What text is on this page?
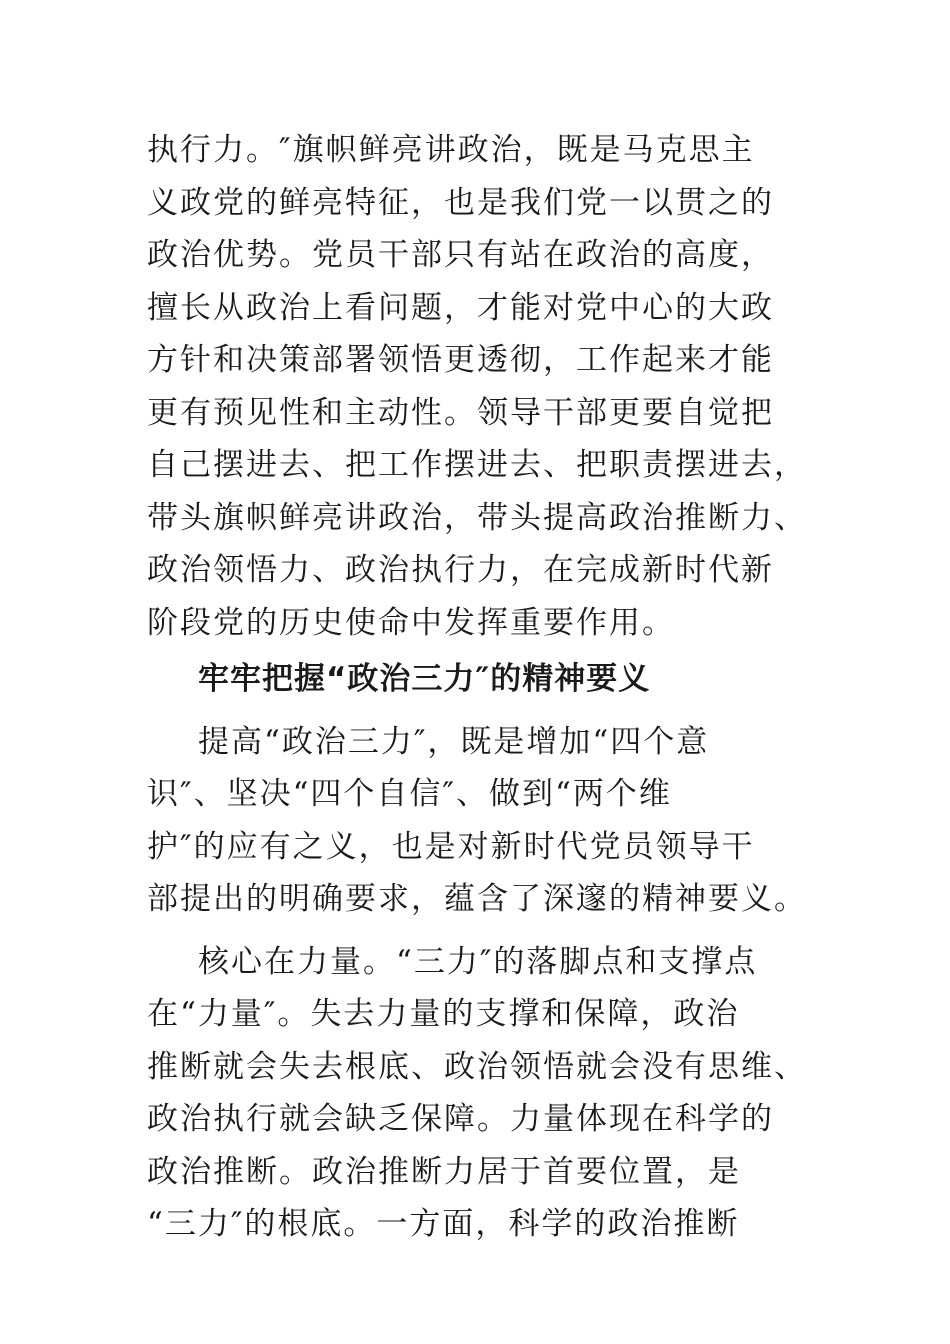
执行力。″旗帜鲜亮讲政治，既是马克思主
义政党的鲜亮特征，也是我们党一以贯之的
政治优势。党员干部只有站在政治的高度，
擅长从政治上看问题，才能对党中心的大政
方针和决策部署领悟更透彻，工作起来才能
更有预见性和主动性。领导干部更要自觉把
自己摆进去、把工作摆进去、把职责摆进去，
带头旗帜鲜亮讲政治，带头提高政治推断力、
政治领悟力、政治执行力，在完成新时代新
阶段党的历史使命中发挥重要作用。
牢牢把握“政治三力″的精神要义
提高“政治三力″，既是增加“四个意
识″、坚决“四个自信″、做到“两个维
护″的应有之义，也是对新时代党员领导干
部提出的明确要求，蕴含了深邃的精神要义。
核心在力量。“三力″的落脚点和支撑点
在“力量″。失去力量的支撑和保障，政治
推断就会失去根底、政治领悟就会没有思维、
政治执行就会缺乏保障。力量体现在科学的
政治推断。政治推断力居于首要位置，是
“三力″的根底。一方面，科学的政治推断
